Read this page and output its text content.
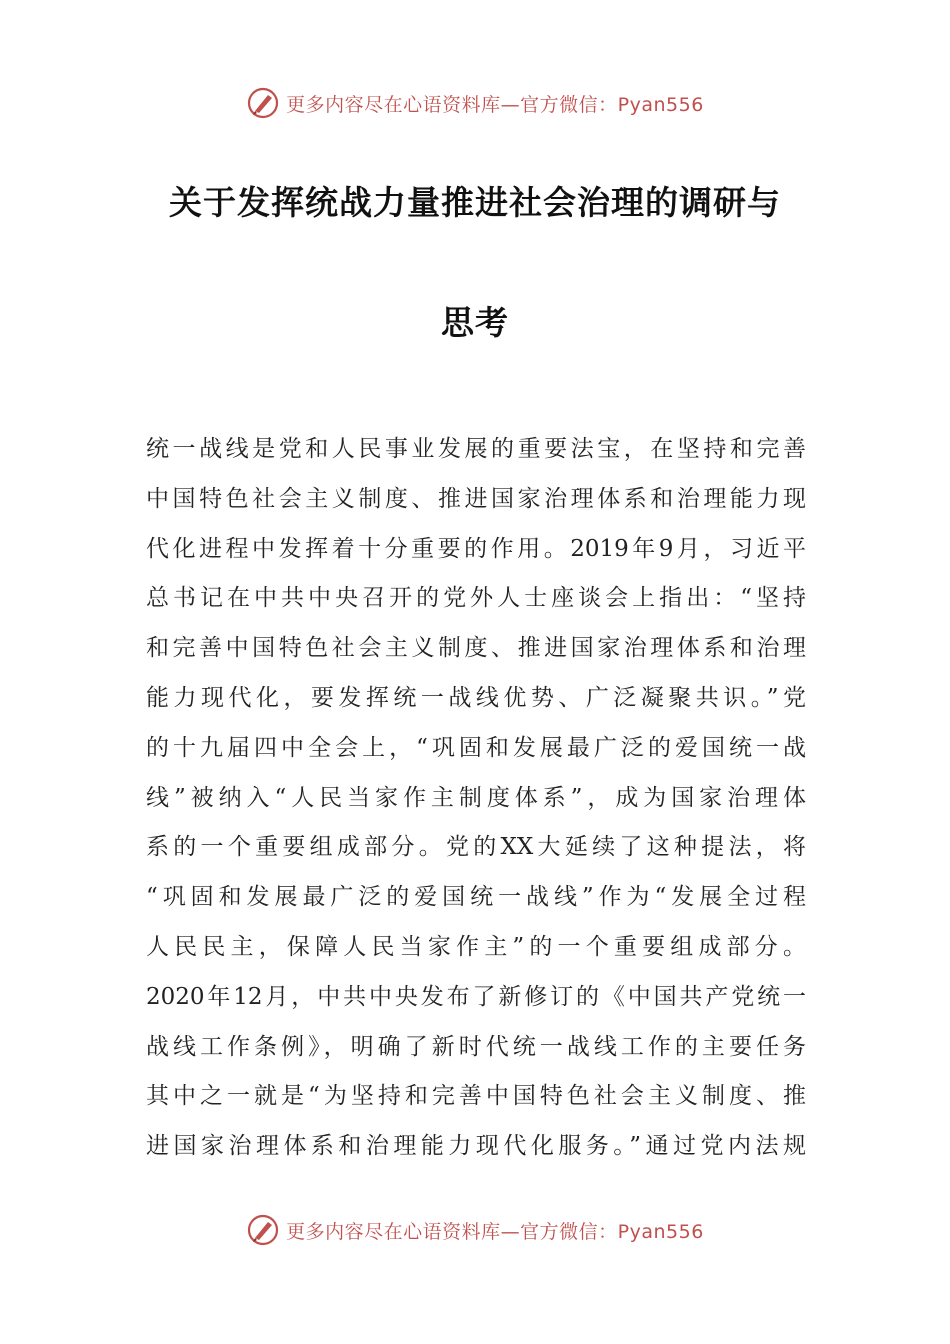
更多内容尽在心语资料库—官方微信：Pyan556
关于发挥统战力量推进社会治理的调研与
思考
统一战线是党和人民事业发展的重要法宝，在坚持和完善
中国特色社会主义制度、推进国家治理体系和治理能力现
代化进程中发挥着十分重要的作用。2019年9月，习近平
总书记在中共中央召开的党外人士座谈会上指出：“坚持
和完善中国特色社会主义制度、推进国家治理体系和治理
能力现代化，要发挥统一战线优势、广泛凝聚共识。”党
的十九届四中全会上，“巩固和发展最广泛的爱国统一战
线”被纳入“人民当家作主制度体系”，成为国家治理体
系的一个重要组成部分。党的XX大延续了这种提法，将
“巩固和发展最广泛的爱国统一战线”作为“发展全过程
人民民主，保障人民当家作主”的一个重要组成部分。
2020年12月，中共中央发布了新修订的《中国共产党统一
战线工作条例》，明确了新时代统一战线工作的主要任务
其中之一就是“为坚持和完善中国特色社会主义制度、推
进国家治理体系和治理能力现代化服务。”通过党内法规
更多内容尽在心语资料库—官方微信：Pyan556
